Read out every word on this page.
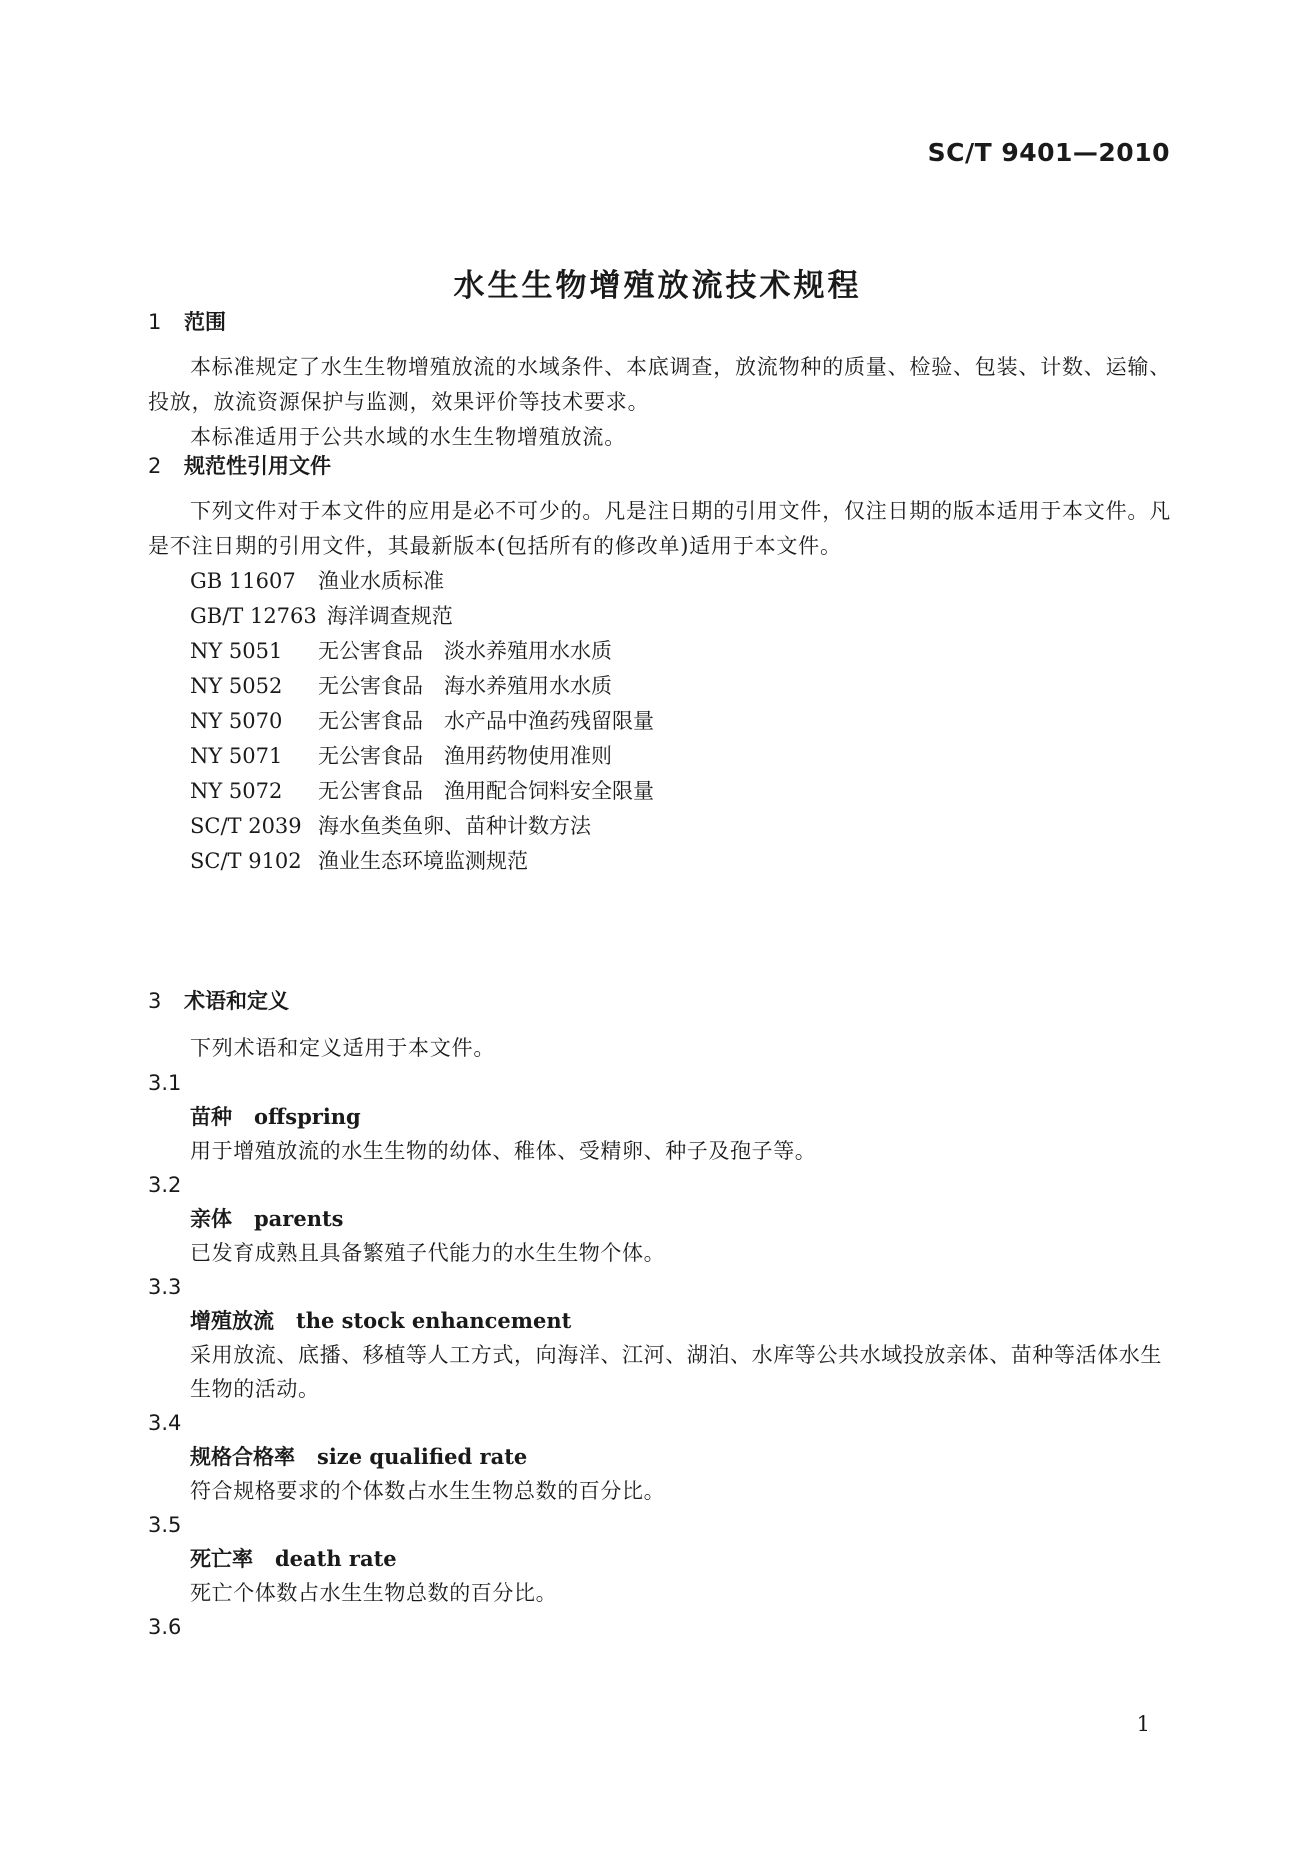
SC/T 9401—2010
水生生物增殖放流技术规程
1 范围
本标准规定了水生生物增殖放流的水域条件、本底调查，放流物种的质量、检验、包装、计数、运输、投放，放流资源保护与监测，效果评价等技术要求。
本标准适用于公共水域的水生生物增殖放流。
2 规范性引用文件
下列文件对于本文件的应用是必不可少的。凡是注日期的引用文件，仅注日期的版本适用于本文件。凡是不注日期的引用文件，其最新版本(包括所有的修改单)适用于本文件。
GB 11607 渔业水质标准
GB/T 12763 海洋调查规范
NY 5051 无公害食品　淡水养殖用水水质
NY 5052 无公害食品　海水养殖用水水质
NY 5070 无公害食品　水产品中渔药残留限量
NY 5071 无公害食品　渔用药物使用准则
NY 5072 无公害食品　渔用配合饲料安全限量
SC/T 2039 海水鱼类鱼卵、苗种计数方法
SC/T 9102 渔业生态环境监测规范
3 术语和定义
下列术语和定义适用于本文件。
3.1
苗种 offspring
用于增殖放流的水生生物的幼体、稚体、受精卵、种子及孢子等。
3.2
亲体 parents
已发育成熟且具备繁殖子代能力的水生生物个体。
3.3
增殖放流 the stock enhancement
采用放流、底播、移植等人工方式，向海洋、江河、湖泊、水库等公共水域投放亲体、苗种等活体水生生物的活动。
3.4
规格合格率 size qualified rate
符合规格要求的个体数占水生生物总数的百分比。
3.5
死亡率 death rate
死亡个体数占水生生物总数的百分比。
3.6
1
